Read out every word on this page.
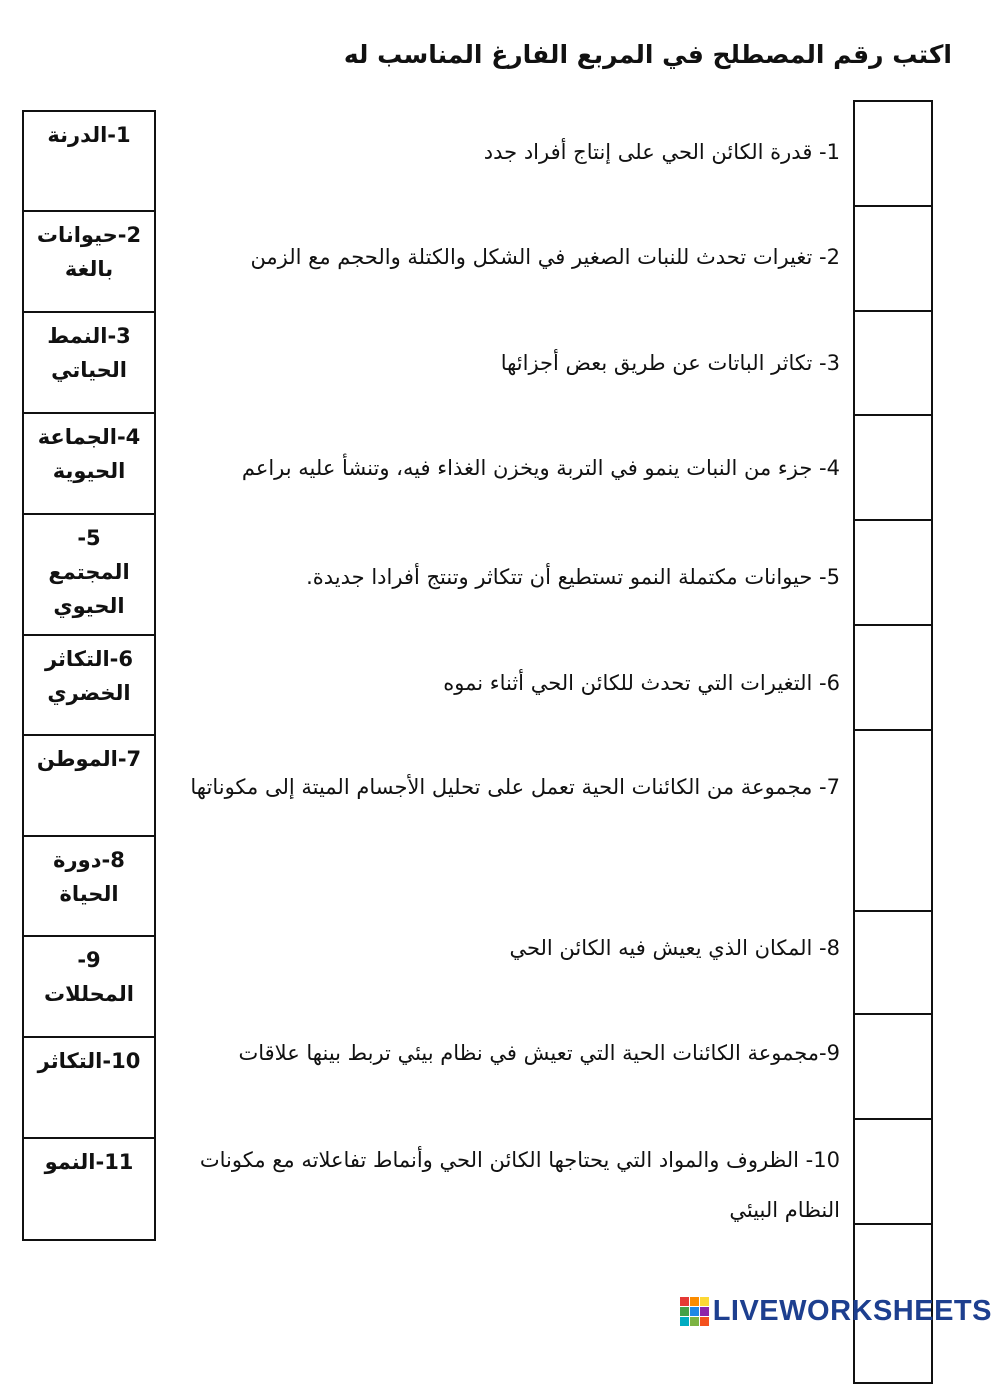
اكتب رقم المصطلح في المربع الفارغ المناسب له
1-الدرنة
2-حيوانات
بالغة
3-النمط
الحياتي
4-الجماعة
الحيوية
5-
المجتمع
الحيوي
6-التكاثر
الخضري
7-الموطن
8-دورة
الحياة
9-
المحللات
10-التكاثر
11-النمو
1- قدرة الكائن الحي على إنتاج أفراد جدد
2- تغيرات تحدث للنبات الصغير في الشكل والكتلة والحجم مع الزمن
3- تكاثر الباتات عن طريق بعض أجزائها
4- جزء من النبات ينمو في التربة ويخزن الغذاء فيه، وتنشأ عليه براعم
5- حيوانات مكتملة النمو تستطيع أن تتكاثر وتنتج أفرادا جديدة.
6- التغيرات التي تحدث للكائن الحي أثناء نموه
7- مجموعة من الكائنات الحية تعمل على تحليل الأجسام الميتة إلى مكوناتها
8- المكان الذي يعيش فيه الكائن الحي
9-مجموعة الكائنات الحية التي تعيش في نظام بيئي تربط بينها علاقات
10- الظروف والمواد التي يحتاجها الكائن الحي وأنماط تفاعلاته مع مكونات النظام البيئي
LIVEWORKSHEETS
